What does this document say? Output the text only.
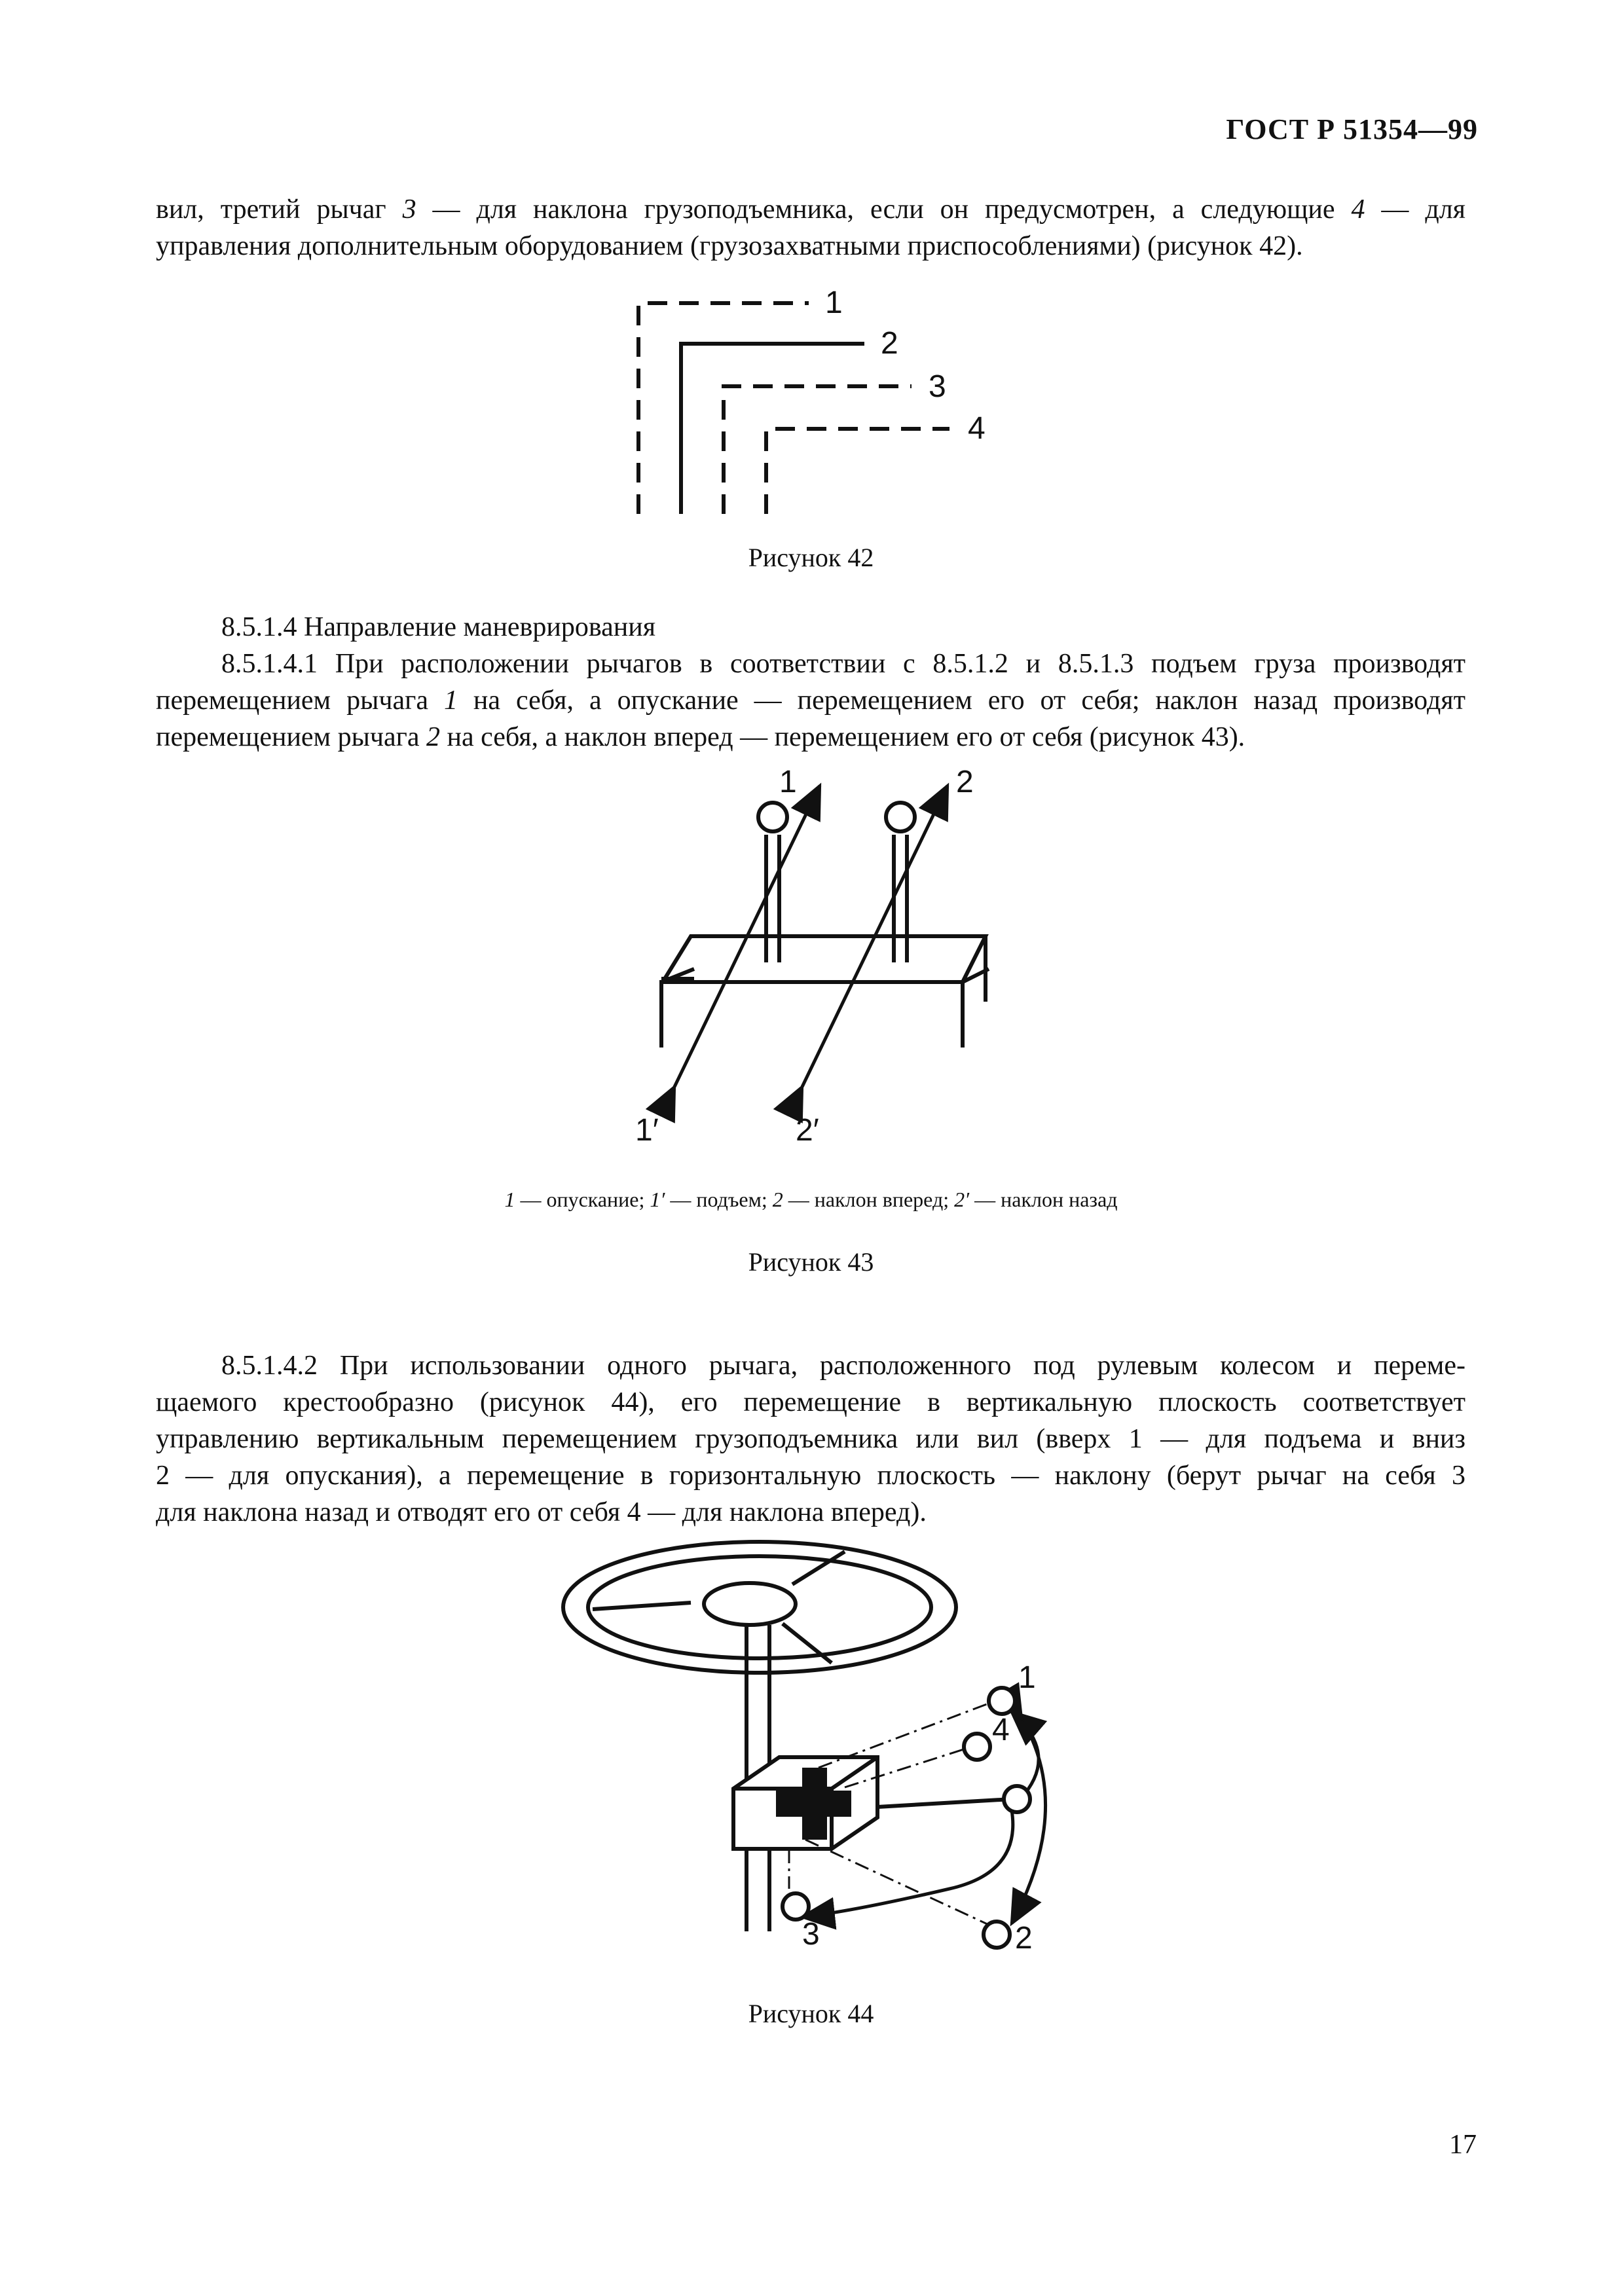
ГОСТ Р 51354—99
вил, третий рычаг 3 — для наклона грузоподъемника, если он предусмотрен, а следующие 4 — для
управления дополнительным оборудованием (грузозахватными приспособлениями) (рисунок 42).
1
2
3
4
Рисунок 42
8.5.1.4 Направление маневрирования
8.5.1.4.1 При расположении рычагов в соответствии с 8.5.1.2 и 8.5.1.3 подъем груза производят
перемещением рычага 1 на себя, а опускание — перемещением его от себя; наклон назад производят
перемещением рычага 2 на себя, а наклон вперед — перемещением его от себя (рисунок 43).
1	2
1′	2′
1 — опускание; 1′ — подъем; 2 — наклон вперед; 2′ — наклон назад
Рисунок 43
8.5.1.4.2 При использовании одного рычага, расположенного под рулевым колесом и переме-
щаемого крестообразно (рисунок 44), его перемещение в вертикальную плоскость соответствует
управлению вертикальным перемещением грузоподъемника или вил (вверх 1 — для подъема и вниз
2 — для опускания), а перемещение в горизонтальную плоскость — наклону (берут рычаг на себя 3
для наклона назад и отводят его от себя 4 — для наклона вперед).
1
4
3	2
Рисунок 44
17
